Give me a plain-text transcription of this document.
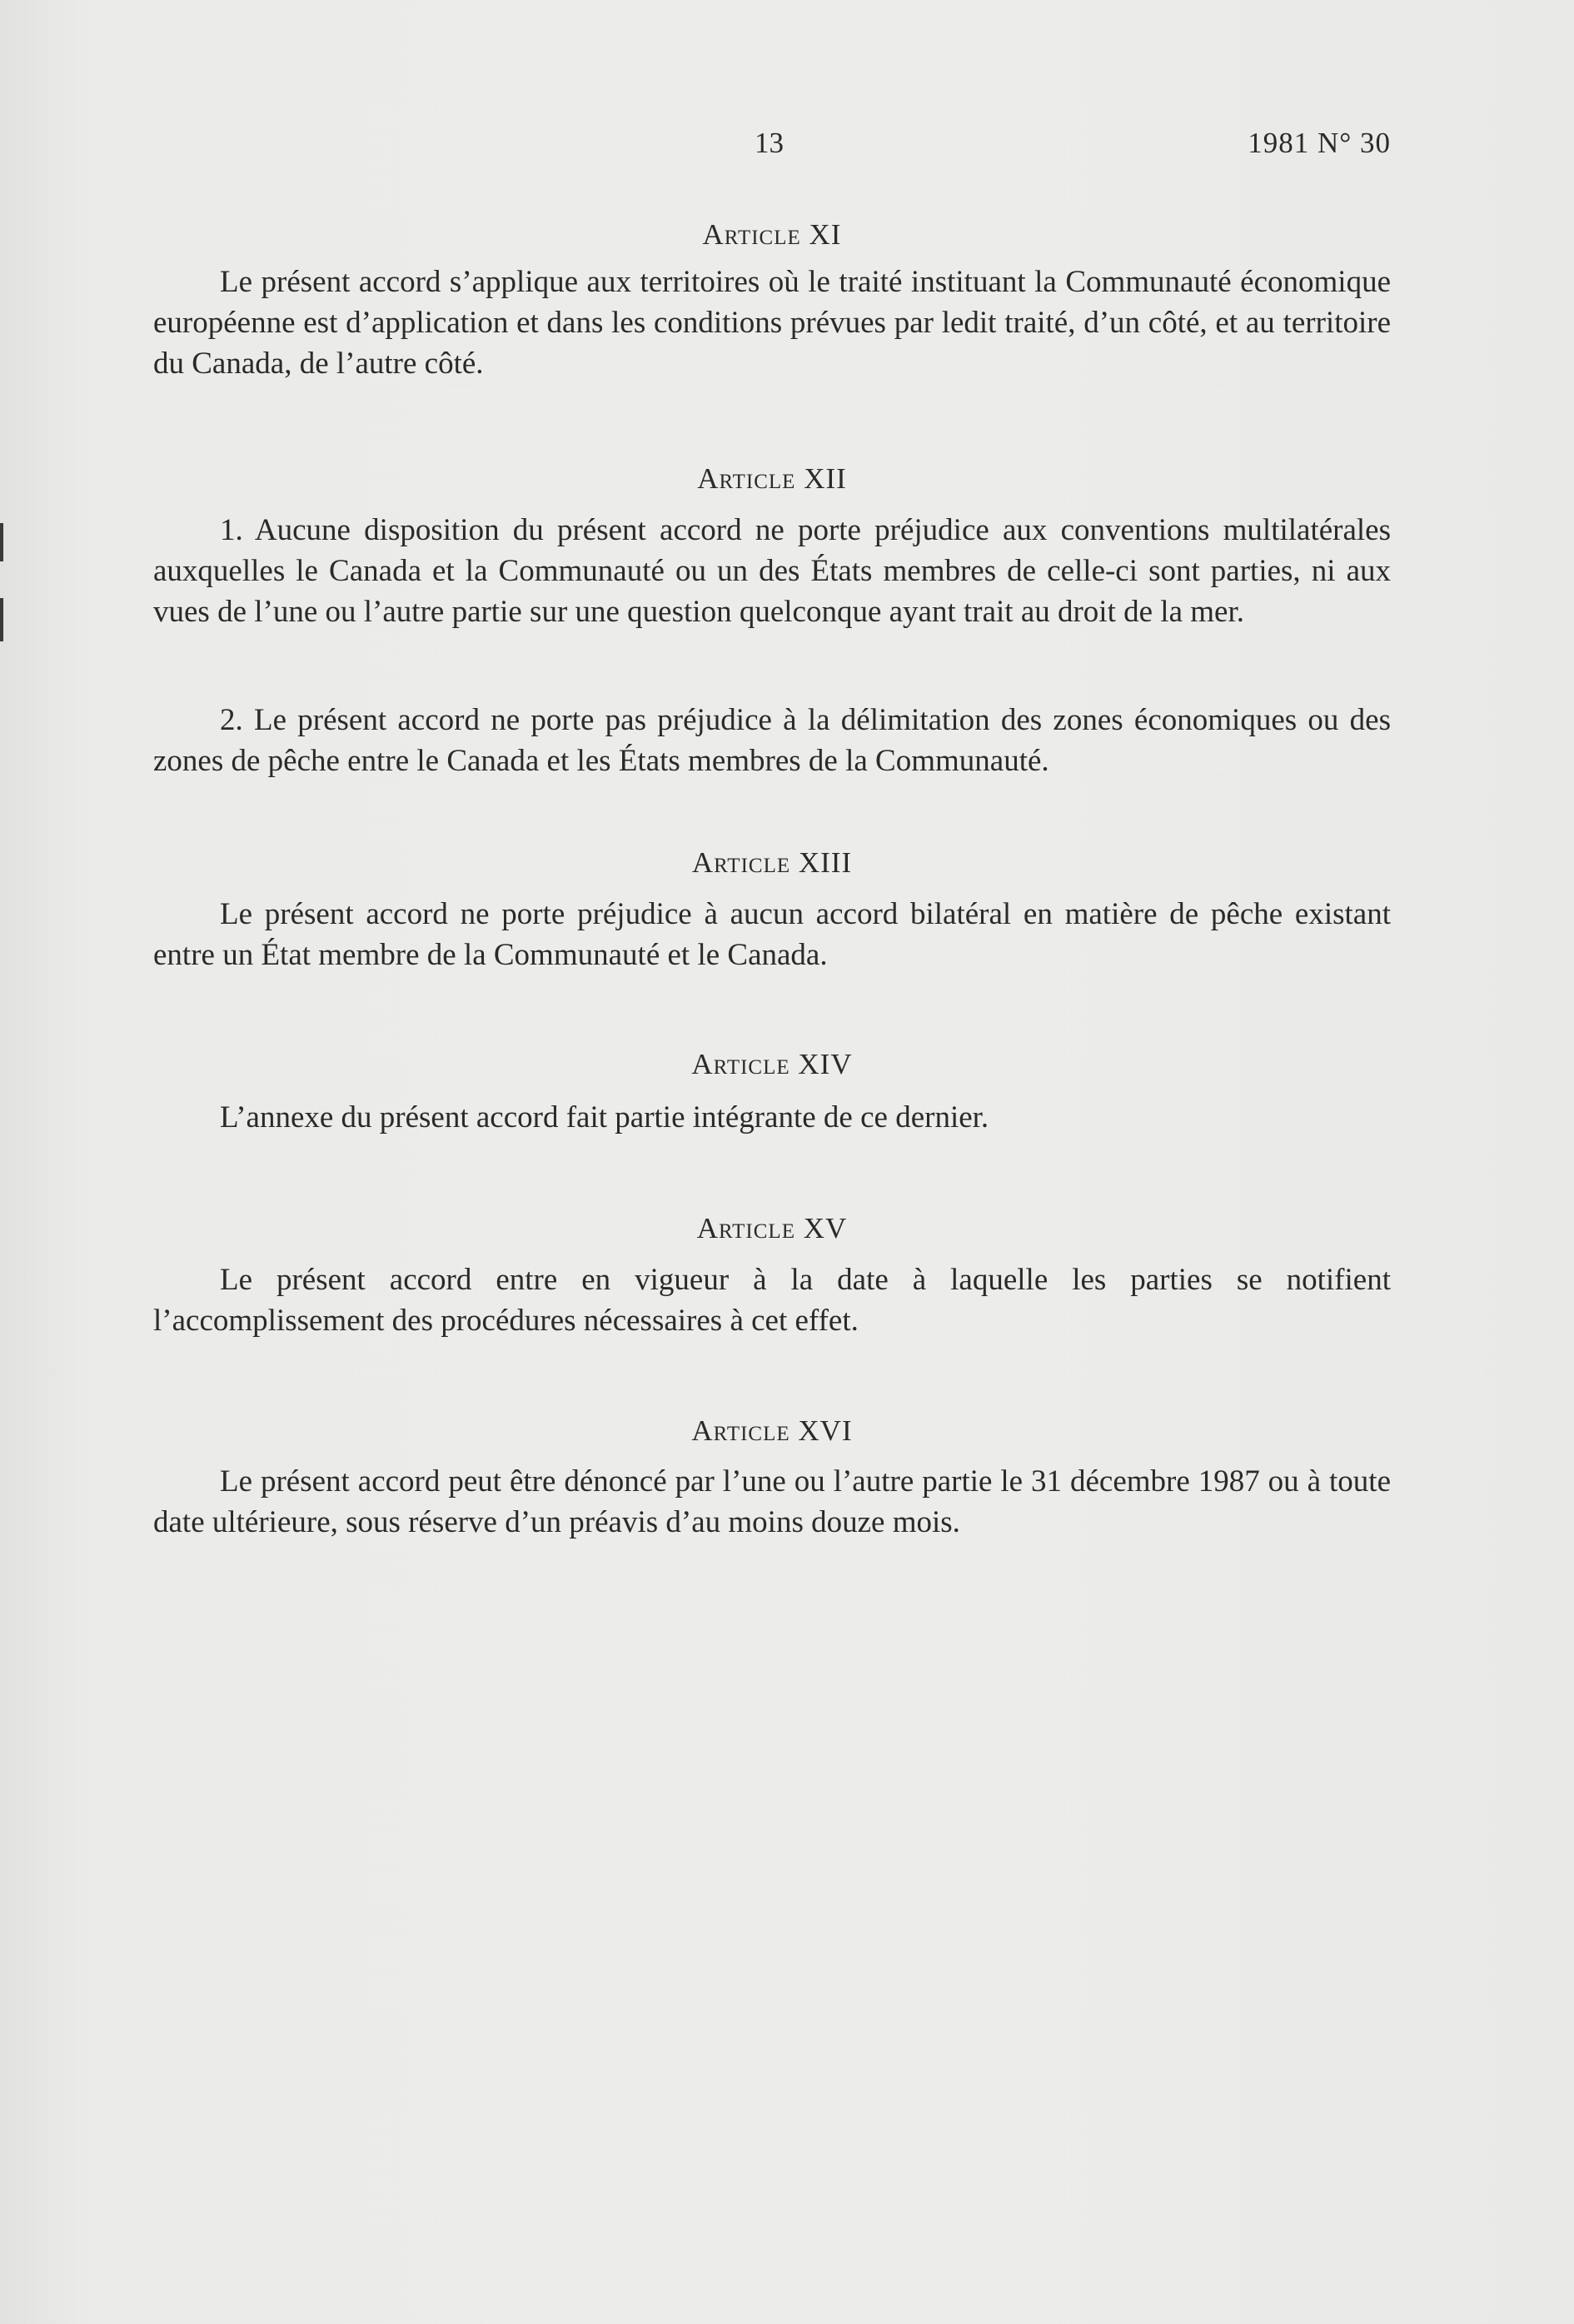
13	1981 N° 30
Article XI
Le présent accord s’applique aux territoires où le traité instituant la Communauté économique européenne est d’application et dans les conditions prévues par ledit traité, d’un côté, et au territoire du Canada, de l’autre côté.
Article XII
1. Aucune disposition du présent accord ne porte préjudice aux conventions multilatérales auxquelles le Canada et la Communauté ou un des États membres de celle-ci sont parties, ni aux vues de l’une ou l’autre partie sur une question quelconque ayant trait au droit de la mer.
2. Le présent accord ne porte pas préjudice à la délimitation des zones économiques ou des zones de pêche entre le Canada et les États membres de la Communauté.
Article XIII
Le présent accord ne porte préjudice à aucun accord bilatéral en matière de pêche existant entre un État membre de la Communauté et le Canada.
Article XIV
L’annexe du présent accord fait partie intégrante de ce dernier.
Article XV
Le présent accord entre en vigueur à la date à laquelle les parties se notifient l’accomplissement des procédures nécessaires à cet effet.
Article XVI
Le présent accord peut être dénoncé par l’une ou l’autre partie le 31 décembre 1987 ou à toute date ultérieure, sous réserve d’un préavis d’au moins douze mois.
